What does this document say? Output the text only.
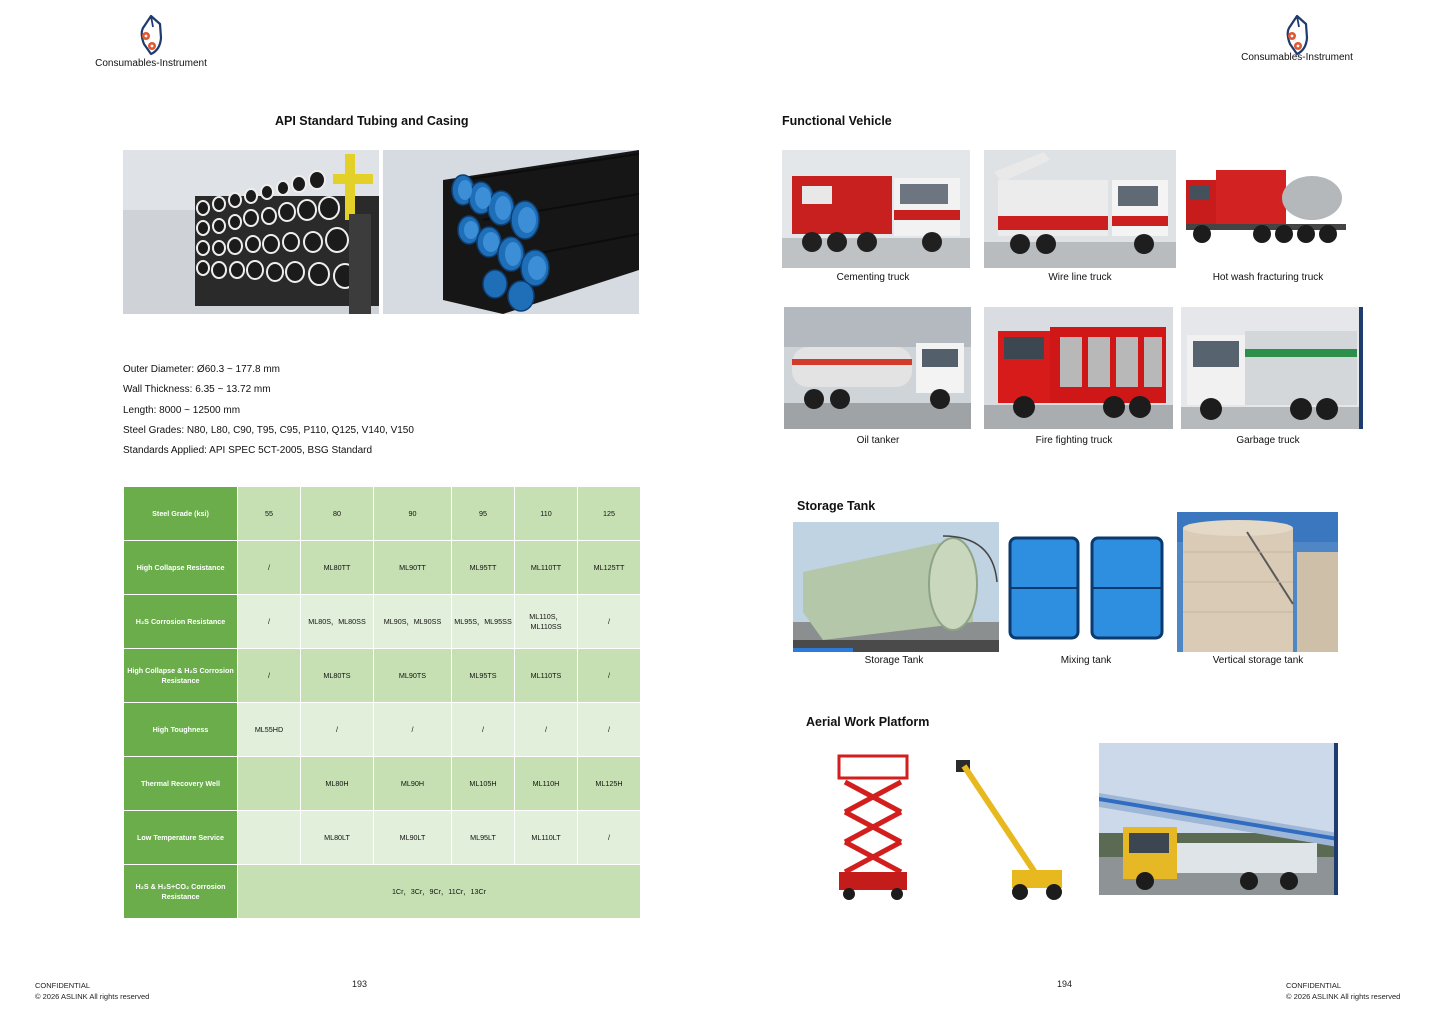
Consumables-Instrument
API Standard Tubing and Casing
Outer Diameter: Ø60.3 ~ 177.8 mm
Wall Thickness: 6.35 ~ 13.72 mm
Length: 8000 ~ 12500 mm
Steel Grades: N80, L80, C90, T95, C95, P110, Q125, V140, V150
Standards Applied: API SPEC 5CT-2005, BSG Standard
Steel Grade (ksi)	55	80	90	95	110	125
High Collapse Resistance	/	ML80TT	ML90TT	ML95TT	ML110TT	ML125TT
H₂S Corrosion Resistance	/	ML80S，ML80SS	ML90S，ML90SS	ML95S，ML95SS	ML110S，ML110SS	/
High Collapse & H₂S Corrosion Resistance	/	ML80TS	ML90TS	ML95TS	ML110TS	/
High Toughness	ML55HD	/	/	/	/	/
Thermal Recovery Well		ML80H	ML90H	ML105H	ML110H	ML125H
Low Temperature Service		ML80LT	ML90LT	ML95LT	ML110LT	/
H₂S & H₂S+CO₂ Corrosion Resistance	1Cr，3Cr，9Cr，11Cr，13Cr					
CONFIDENTIAL
© 2026 ASLINK All rights reserved
193
Consumables-Instrument
Functional Vehicle
Cementing truck	Wire line truck	Hot wash fracturing truck
Oil tanker	Fire fighting truck	Garbage truck
Storage Tank
Storage Tank	Mixing tank	Vertical storage tank
Aerial Work Platform
194	CONFIDENTIAL
© 2026 ASLINK All rights reserved
